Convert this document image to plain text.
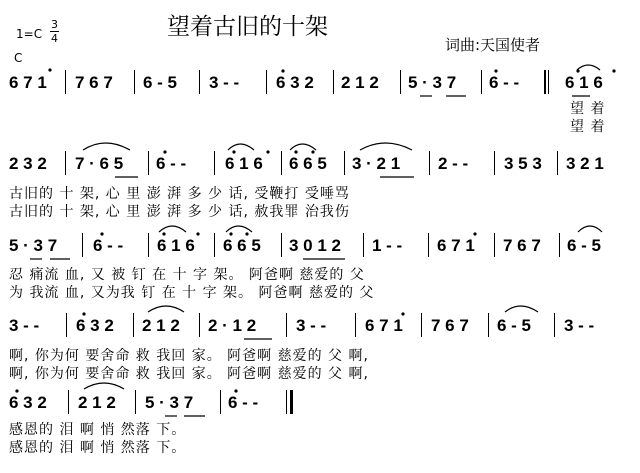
1=C
3
4
C
望着古旧的十架
词曲:天国使者
6 7 1 7 6 7 6 - 5 3 - - 6 3 2 2 1 2 5 · 3 7 6 - -	6 1 6
望 着
望 着
2 3 2 7 · 6 5 6 - - 6 1 6 6 6 5 3 · 2 1 2 - - 3 5 3 3 2 1
古旧的 十 架, 心 里 澎 湃 多 少 话, 受鞭打 受唾骂
古旧的 十 架, 心 里 澎 湃 多 少 话, 赦我罪 治我伤
5 · 3 7 6 - - 6 1 6 6 6 5 3 0 1 2 1 - - 6 7 1 7 6 7 6 - 5
忍 痛流 血, 又 被 钉 在 十 字 架。 阿爸啊 慈爱的 父
为 我流 血, 又为我 钉 在 十 字 架。 阿爸啊 慈爱的 父
3 - - 6 3 2 2 1 2 2 · 1 2 3 - - 6 7 1 7 6 7 6 - 5 3 - -
啊, 你为何 要舍命 救 我回 家。 阿爸啊 慈爱的 父 啊,
啊, 你为何 要舍命 救 我回 家。 阿爸啊 慈爱的 父 啊,
6 3 2 2 1 2 5 · 3 7 6 - -
感恩的 泪 啊 悄 然落 下。
感恩的 泪 啊 悄 然落 下。
